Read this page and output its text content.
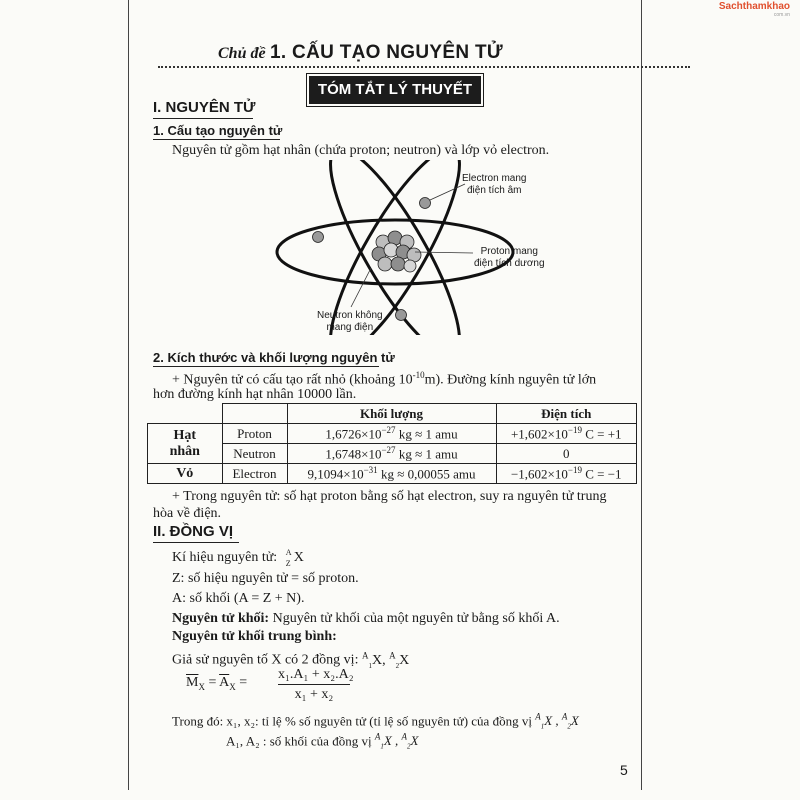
Sachthamkhao
com.vn
Chủ đề 1. CẤU TẠO NGUYÊN TỬ
TÓM TẮT LÝ THUYẾT
I. NGUYÊN TỬ
1. Cấu tạo nguyên tử
Nguyên tử gồm hạt nhân (chứa proton; neutron) và lớp vỏ electron.
Electron mang
điện tích âm
Proton mang
điện tích dương
Neutron không
mang điện
2. Kích thước và khối lượng nguyên tử
+ Nguyên tử có cấu tạo rất nhỏ (khoảng $10^{-10}m$). Đường kính nguyên tử lớn
hơn đường kính hạt nhân 10000 lần.
		Khối lượng	Điện tích
Hạt
nhân	Proton	$1,6726\times 10^{-27}$ kg ≈ 1 amu	$+1,602\times 10^{-19}$ C = +1
	Neutron	$1,6748\times 10^{-27}$ kg ≈ 1 amu	0
Vỏ	Electron	$9,1094\times 10^{-31}$ kg ≈ 0,00055 amu	$-1,602\times 10^{-19}$ C = −1
+ Trong nguyên tử: số hạt proton bằng số hạt electron, suy ra nguyên tử trung
hòa về điện.
II. ĐỒNG VỊ
Kí hiệu nguyên tử: A
Z X
Z: số hiệu nguyên tử = số proton.
A: số khối (A = Z + N).
Nguyên tử khối: Nguyên tử khối của một nguyên tử bằng số khối A.
Nguyên tử khối trung bình:
Giả sử nguyên tố X có 2 đồng vị: $^A_1$X, $^A_2$X
$\overline{M}_X = \overline{A}_X$ =
x₁.A₁ + x₂.A₂
x₁ + x₂
Trong đó: x₁, x₂: tỉ lệ % số nguyên tử (tỉ lệ số nguyên tử) của đồng vị $^A_1$X , $^A_2$X
A₁, A₂ : số khối của đồng vị $^A_1$X , $^A_2$X
5
